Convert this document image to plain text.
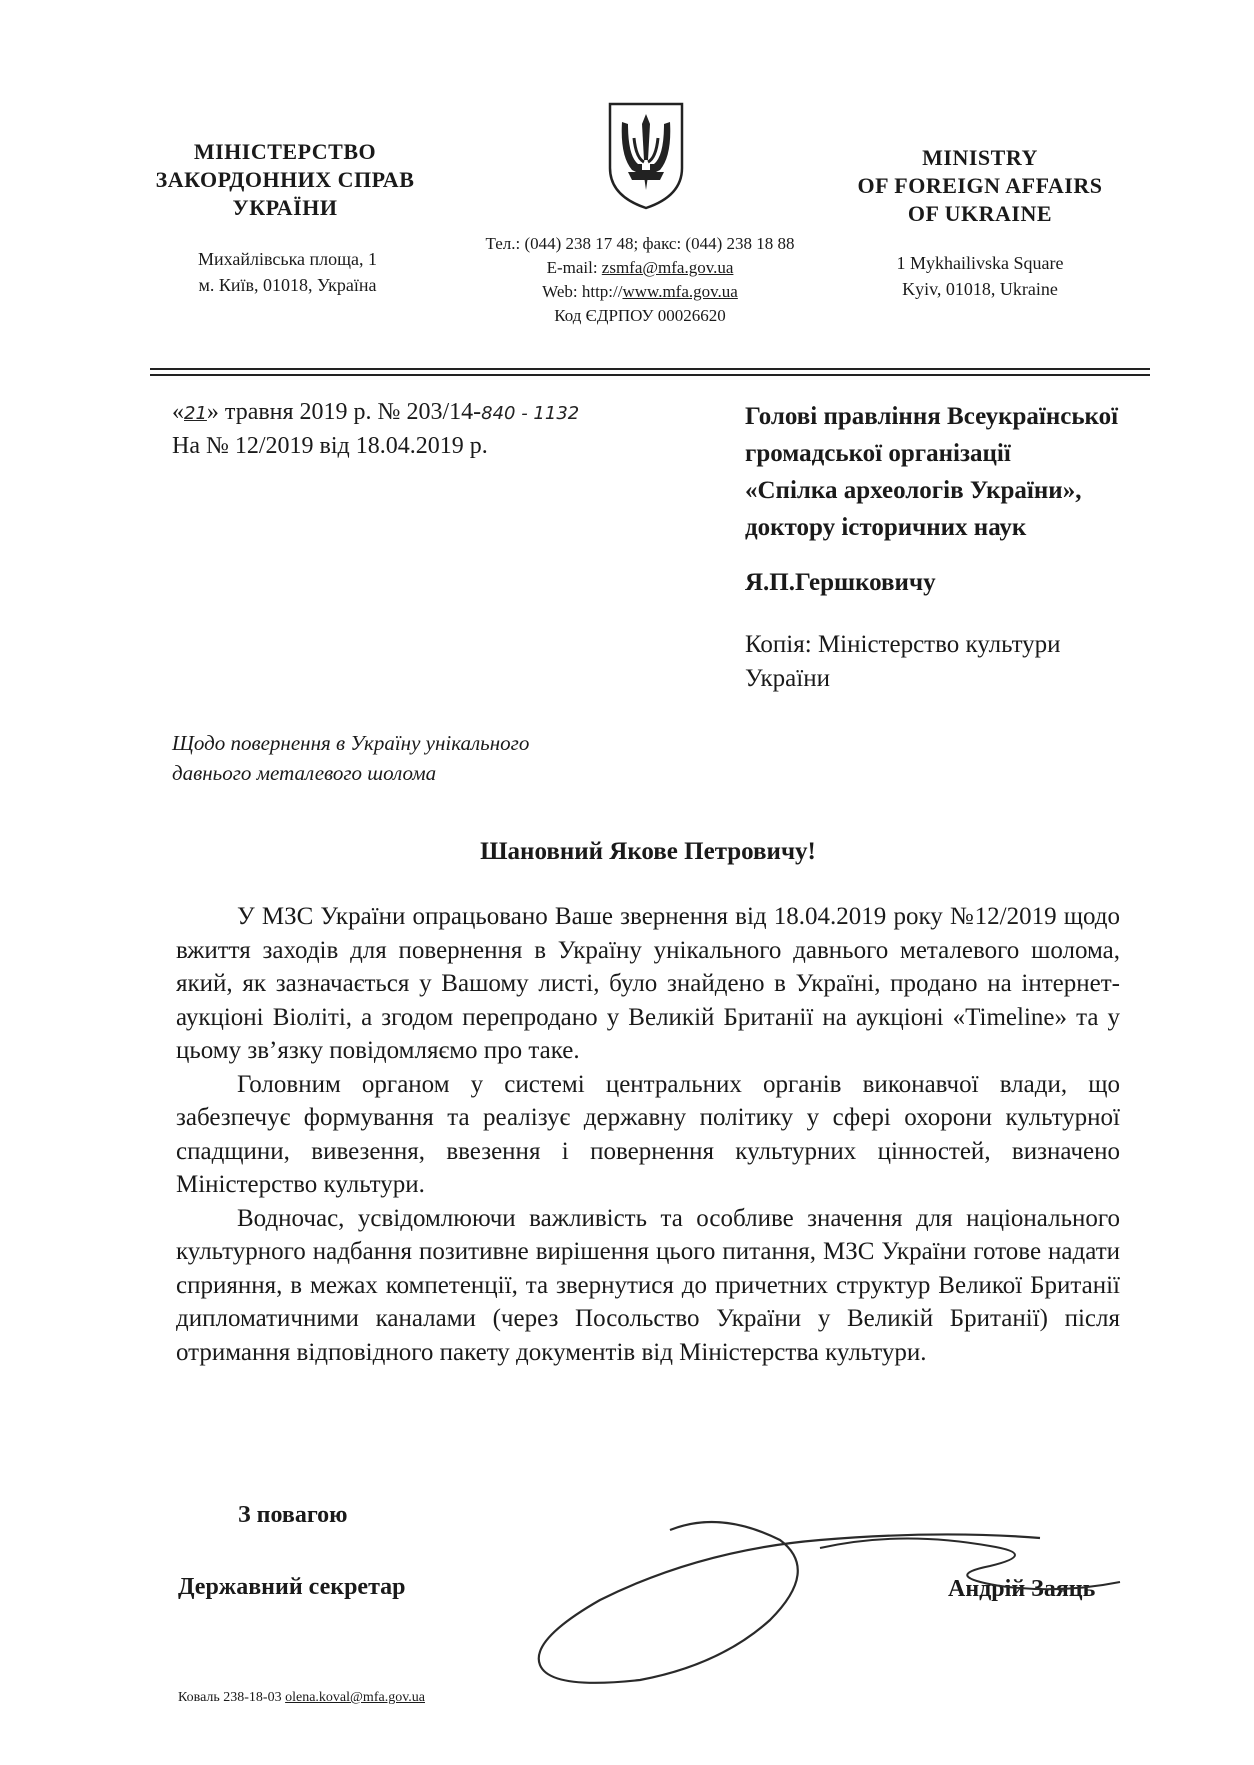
МІНІСТЕРСТВО
ЗАКОРДОННИХ СПРАВ
УКРАЇНИ
Михайлівська площа, 1
м. Київ, 01018, Україна
Тел.: (044) 238 17 48; факс: (044) 238 18 88
E-mail: zsmfa@mfa.gov.ua
Web: http://www.mfa.gov.ua
Код ЄДРПОУ 00026620
MINISTRY
OF FOREIGN AFFAIRS
OF UKRAINE
1 Mykhailivska Square
Kyiv, 01018, Ukraine
«21» травня 2019 р. № 203/14-840 - 1132
На № 12/2019 від 18.04.2019 р.
Голові правління Всеукраїнської
громадської організації
«Спілка археологів України»,
доктору історичних наук
Я.П.Гершковичу
Копія: Міністерство культури
України
Щодо повернення в Україну унікального
давнього металевого шолома
Шановний Якове Петровичу!

У МЗС України опрацьовано Ваше звернення від 18.04.2019 року №12/2019 щодо вжиття заходів для повернення в Україну унікального давнього металевого шолома, який, як зазначається у Вашому листі, було знайдено в Україні, продано на інтернет-аукціоні Віоліті, а згодом перепродано у Великій Британії на аукціоні «Timeline» та у цьому зв’язку повідомляємо про таке.

Головним органом у системі центральних органів виконавчої влади, що забезпечує формування та реалізує державну політику у сфері охорони культурної спадщини, вивезення, ввезення і повернення культурних цінностей, визначено Міністерство культури.

Водночас, усвідомлюючи важливість та особливе значення для національного культурного надбання позитивне вирішення цього питання, МЗС України готове надати сприяння, в межах компетенції, та звернутися до причетних структур Великої Британії дипломатичними каналами (через Посольство України у Великій Британії) після отримання відповідного пакету документів від Міністерства культури.

З повагою
Державний секретар	Андрій Заяць
Коваль 238-18-03 olena.koval@mfa.gov.ua
